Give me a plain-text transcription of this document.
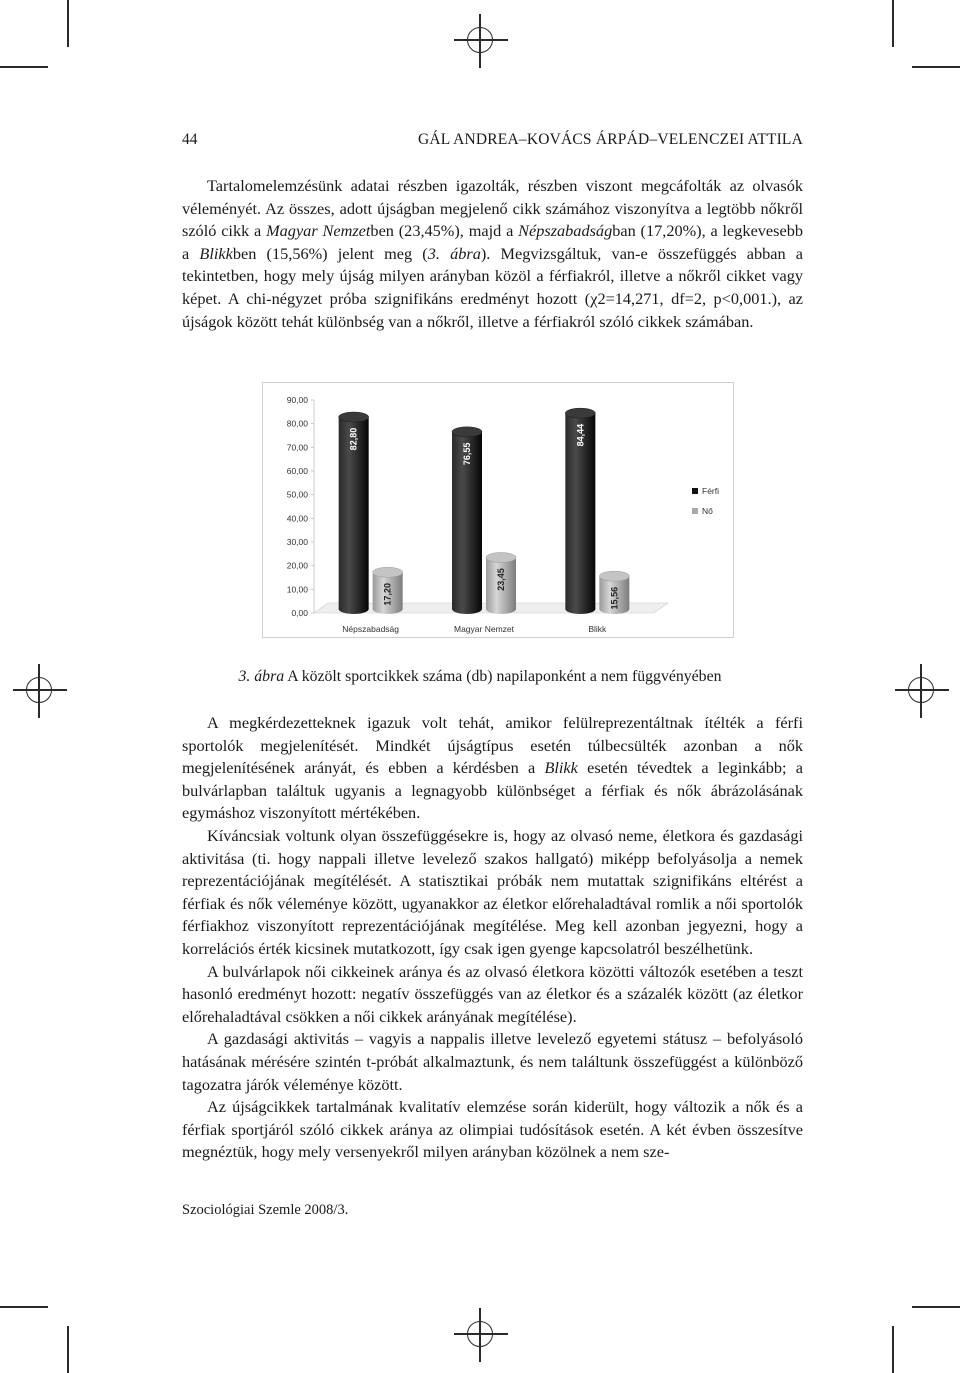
44	GÁL ANDREA–KOVÁCS ÁRPÁD–VELENCZEI ATTILA

Tartalomelemzésünk adatai részben igazolták, részben viszont megcáfolták az olvasók véleményét. Az összes, adott újságban megjelenő cikk számához viszonyítva a legtöbb nőkről szóló cikk a Magyar Nemzetben (23,45%), majd a Népszabadságban (17,20%), a legkevesebb a Blikkben (15,56%) jelent meg (3. ábra). Megvizsgáltuk, van-e összefüggés abban a tekintetben, hogy mely újság milyen arányban közöl a férfiakról, illetve a nőkről cikket vagy képet. A chi-négyzet próba szignifikáns eredményt hozott (χ2=14,271, df=2, p<0,001.), az újságok között tehát különbség van a nőkről, illetve a férfiakról szóló cikkek számában.

0,00
10,00
20,00
30,00
40,00
50,00
60,00
70,00
80,00
90,00
82,80
17,20
76,55
23,45
84,44
15,56
Népszabadság	Magyar Nemzet	Blikk
Férfi
Nő
3. ábra A közölt sportcikkek száma (db) napilaponként a nem függvényében

A megkérdezetteknek igazuk volt tehát, amikor felülreprezentáltnak ítélték a férfi sportolók megjelenítését. Mindkét újságtípus esetén túlbecsülték azonban a nők megjelenítésének arányát, és ebben a kérdésben a Blikk esetén tévedtek a leginkább; a bulvárlapban találtuk ugyanis a legnagyobb különbséget a férfiak és nők ábrázolásának egymáshoz viszonyított mértékében.

Kíváncsiak voltunk olyan összefüggésekre is, hogy az olvasó neme, életkora és gazdasági aktivitása (ti. hogy nappali illetve levelező szakos hallgató) miképp befolyásolja a nemek reprezentációjának megítélését. A statisztikai próbák nem mutattak szignifikáns eltérést a férfiak és nők véleménye között, ugyanakkor az életkor előrehaladtával romlik a női sportolók férfiakhoz viszonyított reprezentációjának megítélése. Meg kell azonban jegyezni, hogy a korrelációs érték kicsinek mutatkozott, így csak igen gyenge kapcsolatról beszélhetünk.

A bulvárlapok női cikkeinek aránya és az olvasó életkora közötti változók esetében a teszt hasonló eredményt hozott: negatív összefüggés van az életkor és a százalék között (az életkor előrehaladtával csökken a női cikkek arányának megítélése).

A gazdasági aktivitás – vagyis a nappalis illetve levelező egyetemi státusz – befolyásoló hatásának mérésére szintén t-próbát alkalmaztunk, és nem találtunk összefüggést a különböző tagozatra járók véleménye között.

Az újságcikkek tartalmának kvalitatív elemzése során kiderült, hogy változik a nők és a férfiak sportjáról szóló cikkek aránya az olimpiai tudósítások esetén. A két évben összesítve megnéztük, hogy mely versenyekről milyen arányban közölnek a nem sze-

Szociológiai Szemle 2008/3.
